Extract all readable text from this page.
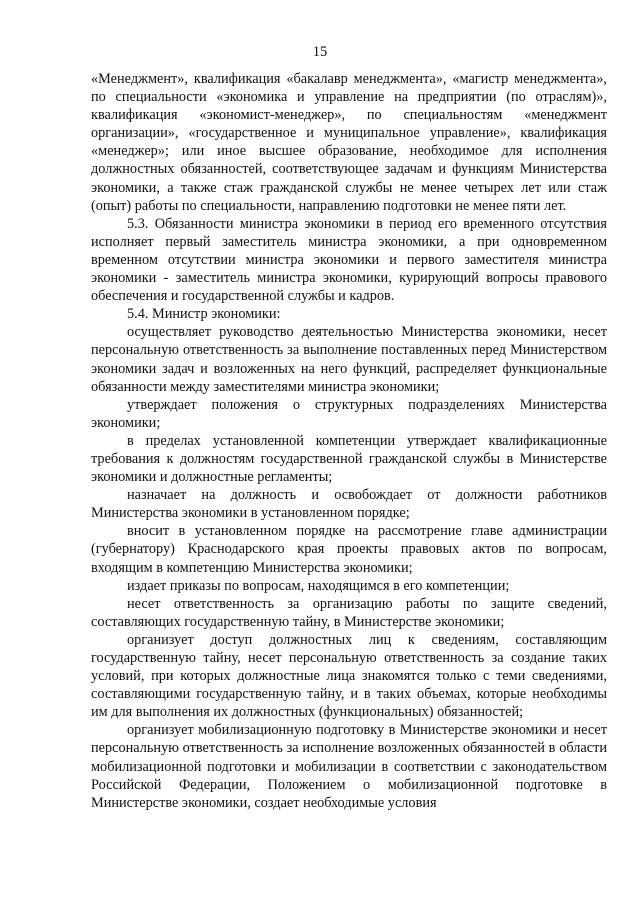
15

«Менеджмент», квалификация «бакалавр менеджмента», «магистр менеджмента», по специальности «экономика и управление на предприятии (по отраслям)», квалификация «экономист-менеджер», по специальностям «менеджмент организации», «государственное и муниципальное управление», квалификация «менеджер»; или иное высшее образование, необходимое для исполнения должностных обязанностей, соответствующее задачам и функциям Министерства экономики, а также стаж гражданской службы не менее четырех лет или стаж (опыт) работы по специальности, направлению подготовки не менее пяти лет.

5.3. Обязанности министра экономики в период его временного отсутствия исполняет первый заместитель министра экономики, а при одновременном временном отсутствии министра экономики и первого заместителя министра экономики - заместитель министра экономики, курирующий вопросы правового обеспечения и государственной службы и кадров.

5.4. Министр экономики:

осуществляет руководство деятельностью Министерства экономики, несет персональную ответственность за выполнение поставленных перед Министерством экономики задач и возложенных на него функций, распределяет функциональные обязанности между заместителями министра экономики;

утверждает положения о структурных подразделениях Министерства экономики;

в пределах установленной компетенции утверждает квалификационные требования к должностям государственной гражданской службы в Министерстве экономики и должностные регламенты;

назначает на должность и освобождает от должности работников Министерства экономики в установленном порядке;

вносит в установленном порядке на рассмотрение главе администрации (губернатору) Краснодарского края проекты правовых актов по вопросам, входящим в компетенцию Министерства экономики;

издает приказы по вопросам, находящимся в его компетенции;

несет ответственность за организацию работы по защите сведений, составляющих государственную тайну, в Министерстве экономики;

организует доступ должностных лиц к сведениям, составляющим государственную тайну, несет персональную ответственность за создание таких условий, при которых должностные лица знакомятся только с теми сведениями, составляющими государственную тайну, и в таких объемах, которые необходимы им для выполнения их должностных (функциональных) обязанностей;

организует мобилизационную подготовку в Министерстве экономики и несет персональную ответственность за исполнение возложенных обязанностей в области мобилизационной подготовки и мобилизации в соответствии с законодательством Российской Федерации, Положением о мобилизационной подготовке в Министерстве экономики, создает необходимые условия
